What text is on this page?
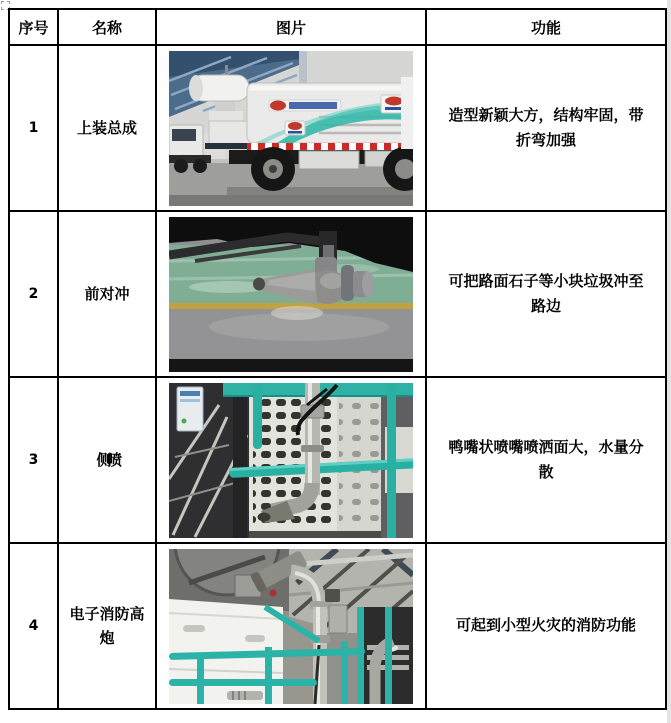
序号	名称	图片	功能
1	上装总成		造型新颖大方，结构牢固，带折弯加强
2	前对冲		可把路面石子等小块垃圾冲至路边
3	侧喷		鸭嘴状喷嘴喷洒面大，水量分散
4	电子消防高炮		可起到小型火灾的消防功能
